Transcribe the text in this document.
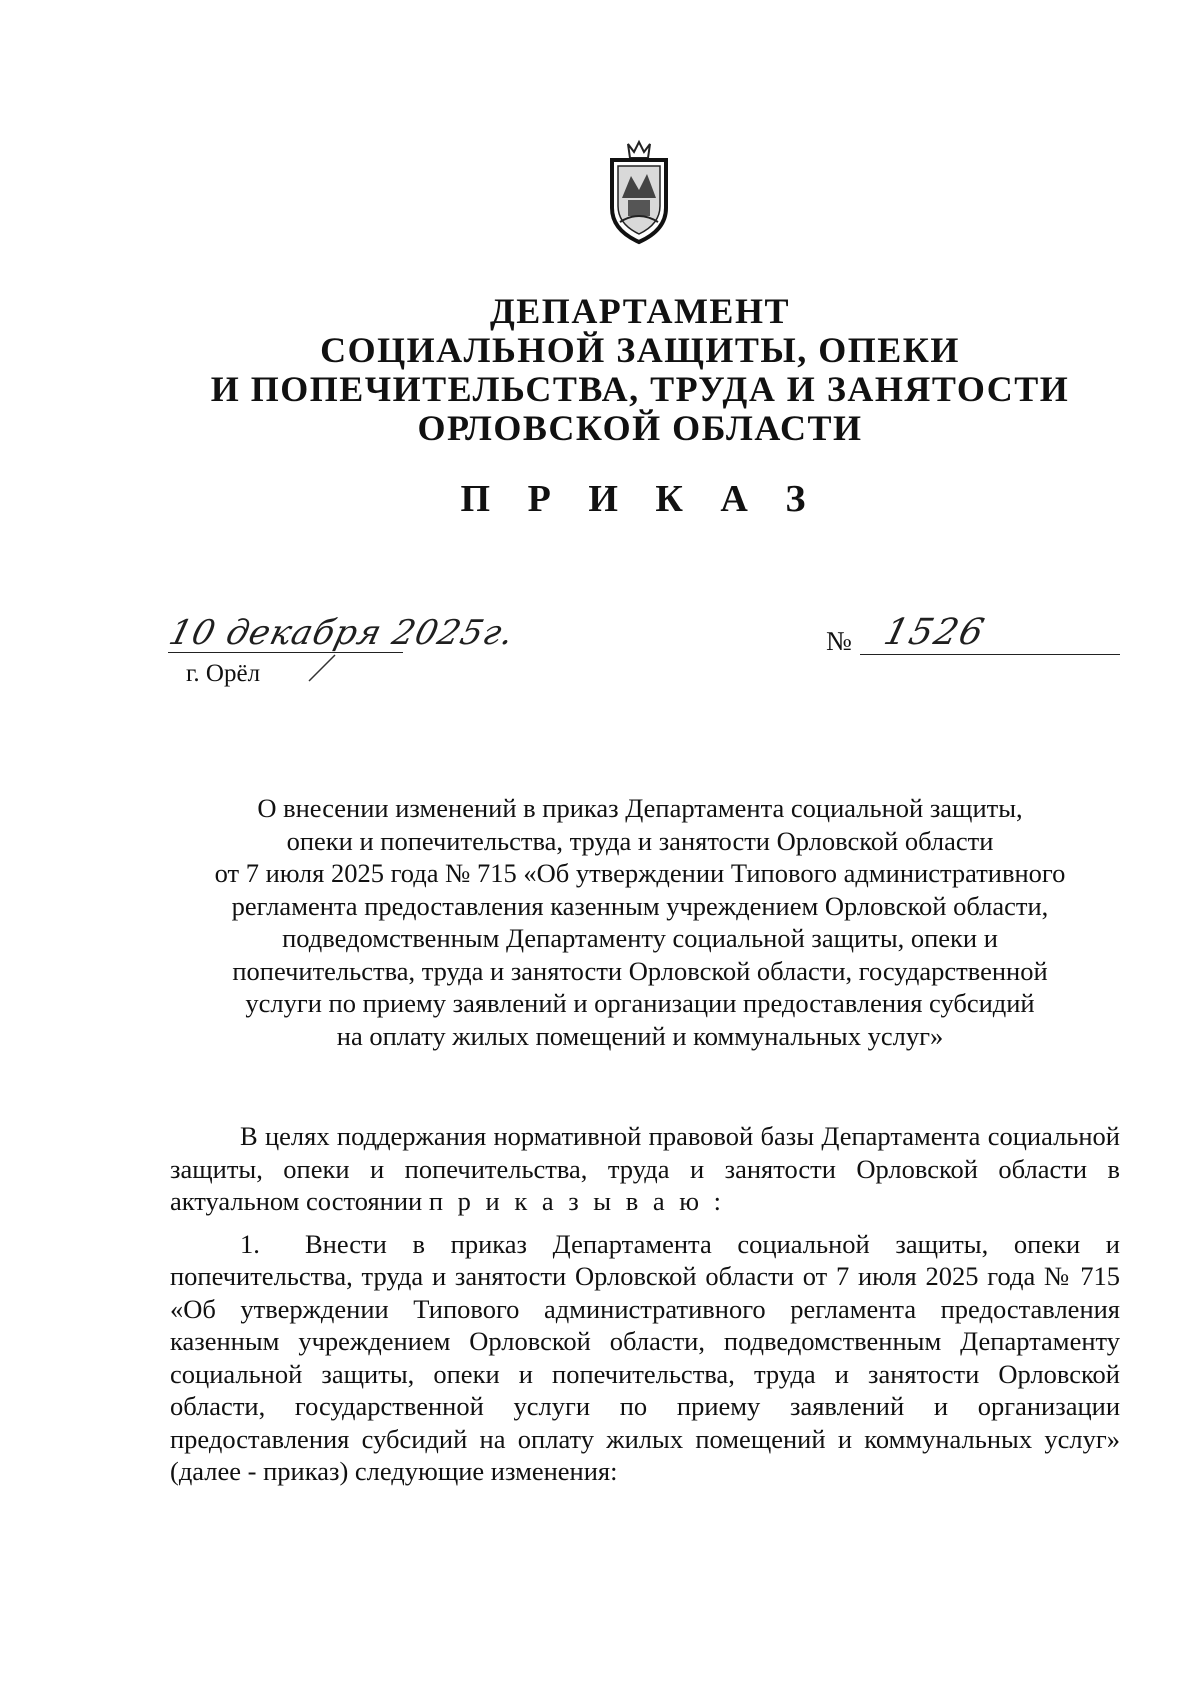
ДЕПАРТАМЕНТ
СОЦИАЛЬНОЙ ЗАЩИТЫ, ОПЕКИ
И ПОПЕЧИТЕЛЬСТВА, ТРУДА И ЗАНЯТОСТИ
ОРЛОВСКОЙ ОБЛАСТИ
П Р И К А З
10 декабря 2025г.
г. Орёл
№ 1526
О внесении изменений в приказ Департамента социальной защиты,
опеки и попечительства, труда и занятости Орловской области
от 7 июля 2025 года № 715 «Об утверждении Типового административного
регламента предоставления казенным учреждением Орловской области,
подведомственным Департаменту социальной защиты, опеки и
попечительства, труда и занятости Орловской области, государственной
услуги по приему заявлений и организации предоставления субсидий
на оплату жилых помещений и коммунальных услуг»

В целях поддержания нормативной правовой базы Департамента социальной защиты, опеки и попечительства, труда и занятости Орловской области в актуальном состоянии п р и к а з ы в а ю :

1. Внести в приказ Департамента социальной защиты, опеки и попечительства, труда и занятости Орловской области от 7 июля 2025 года № 715 «Об утверждении Типового административного регламента предоставления казенным учреждением Орловской области, подведомственным Департаменту социальной защиты, опеки и попечительства, труда и занятости Орловской области, государственной услуги по приему заявлений и организации предоставления субсидий на оплату жилых помещений и коммунальных услуг» (далее - приказ) следующие изменения:
